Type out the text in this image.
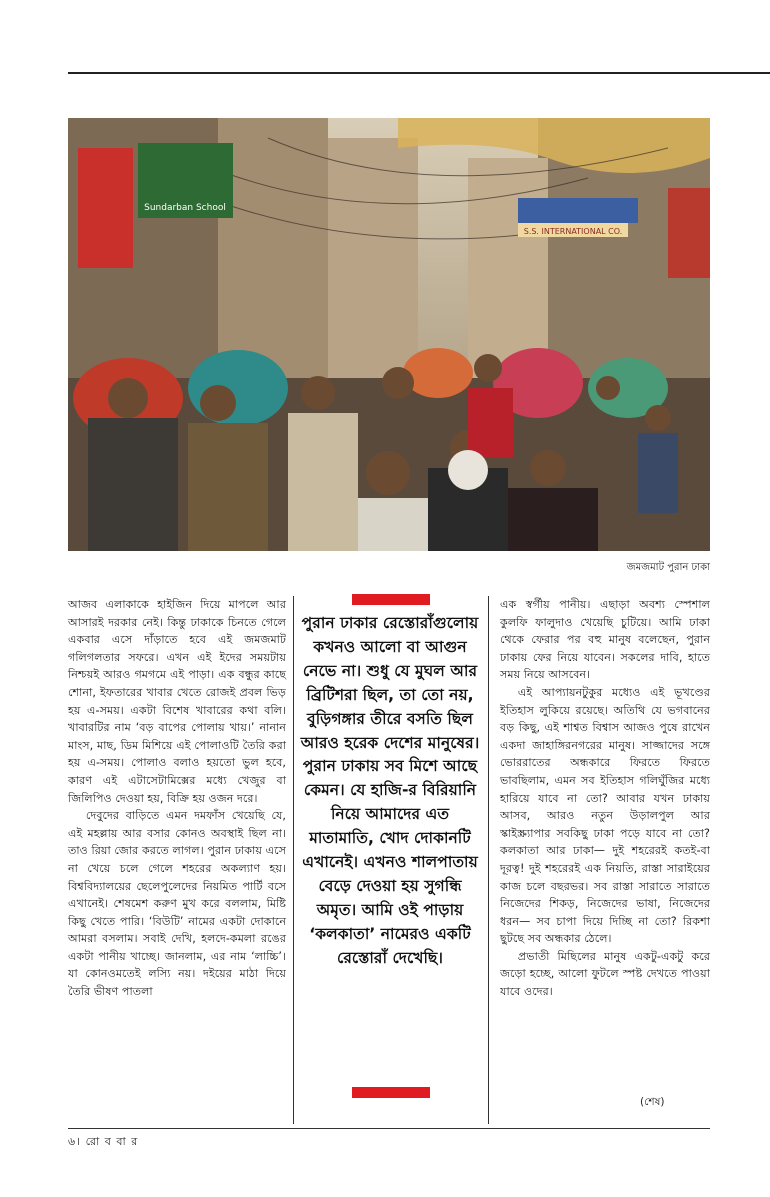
Sundarban School
S.S. INTERNATIONAL CO.
জমজমাট পুরান ঢাকা

আজব এলাকাকে হাইজিন দিয়ে মাপলে আর আসারই দরকার নেই। কিন্তু ঢাকাকে চিনতে গেলে একবার এসে দাঁড়াতে হবে এই জমজমাট গলিগলতার সফরে। এখন এই ইদের সময়টায় নিশ্চয়ই আরও গমগমে এই পাড়া। এক বন্ধুর কাছে শোনা, ইফতারের খাবার খেতে রোজই প্রবল ভিড় হয় এ-সময়। একটা বিশেষ খাবারের কথা বলি। খাবারটির নাম ‘বড় বাপের পোলায় খায়।’ নানান মাংস, মাছ, ডিম মিশিয়ে এই পোলাওটি তৈরি করা হয় এ-সময়। পোলাও বলাও হয়তো ভুল হবে, কারণ এই এটাসেটামিক্সের মধ্যে খেজুর বা জিলিপিও দেওয়া হয়, বিক্রি হয় ওজন দরে।

দেবুদের বাড়িতে এমন দমফাঁস খেয়েছি যে, এই মহল্লায় আর বসার কোনও অবস্থাই ছিল না। তাও রিয়া জোর করতে লাগল। পুরান ঢাকায় এসে না খেয়ে চলে গেলে শহরের অকল্যাণ হয়। বিশ্ববিদ্যালয়ের ছেলেপুলেদের নিয়মিত পার্টি বসে এখানেই। শেষমেশ করুণ মুখ করে বললাম, মিষ্টি কিছু খেতে পারি। ‘বিউটি’ নামের একটা দোকানে আমরা বসলাম। সবাই দেখি, হলদে-কমলা রঙের একটা পানীয় খাচ্ছে। জানলাম, এর নাম ‘লাচ্চি’। যা কোনওমতেই লস্যি নয়। দইয়ের মাঠা দিয়ে তৈরি ভীষণ পাতলা

পুরান ঢাকার রেস্তোরাঁগুলোয় কখনও আলো বা আগুন নেভে না। শুধু যে মুঘল আর ব্রিটিশরা ছিল, তা তো নয়, বুড়িগঙ্গার তীরে বসতি ছিল আরও হরেক দেশের মানুষের। পুরান ঢাকায় সব মিশে আছে কেমন। যে হাজি-র বিরিয়ানি নিয়ে আমাদের এত মাতামাতি, খোদ দোকানটি এখানেই। এখনও শালপাতায় বেড়ে দেওয়া হয় সুগন্ধি অমৃত। আমি ওই পাড়ায় ‘কলকাতা’ নামেরও একটি রেস্তোরাঁ দেখেছি।

এক স্বর্গীয় পানীয়। এছাড়া অবশ্য স্পেশাল কুলফি ফালুদাও খেয়েছি চুটিয়ে। আমি ঢাকা থেকে ফেরার পর বহু মানুষ বলেছেন, পুরান ঢাকায় ফের নিয়ে যাবেন। সকলের দাবি, হাতে সময় নিয়ে আসবেন।

এই আপ্যায়নটুকুর মধ্যেও এই ভূখণ্ডের ইতিহাস লুকিয়ে রয়েছে। অতিথি যে ভগবানের বড় কিছু, এই শাশ্বত বিশ্বাস আজও পুষে রাখেন একদা জাহাঙ্গিরনগরের মানুষ। সাজ্জাদের সঙ্গে ভোররাতের অন্ধকারে ফিরতে ফিরতে ভাবছিলাম, এমন সব ইতিহাস গলিঘুঁজির মধ্যে হারিয়ে যাবে না তো? আবার যখন ঢাকায় আসব, আরও নতুন উড়ালপুল আর স্কাইস্ক্র্যাপার সবকিছু ঢাকা পড়ে যাবে না তো? কলকাতা আর ঢাকা— দুই শহরেরই কতই-বা দূরত্ব! দুই শহরেরই এক নিয়তি, রাস্তা সারাইয়ের কাজ চলে বছরভর। সব রাস্তা সারাতে সারাতে নিজেদের শিকড়, নিজেদের ভাষা, নিজেদের ধরন— সব চাপা দিয়ে দিচ্ছি না তো? রিকশা ছুটছে সব অন্ধকার ঠেলে।

প্রভাতী মিছিলের মানুষ একটু-একটু করে জড়ো হচ্ছে, আলো ফুটলে স্পষ্ট দেখতে পাওয়া যাবে ওদের।

(শেষ)
৬। রো ব বা র
